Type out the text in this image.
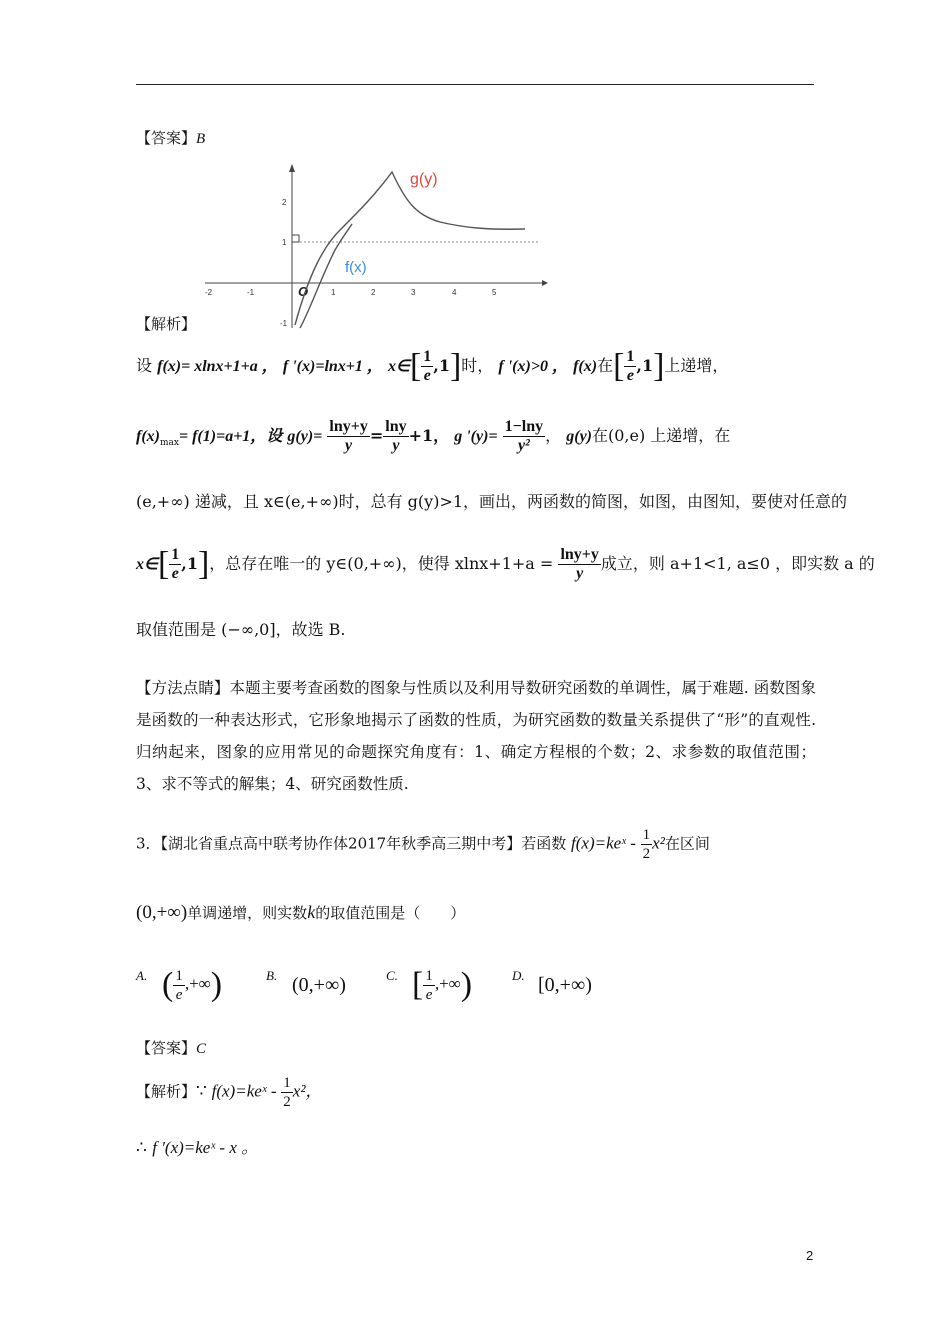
【答案】B
-2	-1	1	2	3	4	5
2
1
-1
O
g(y)
f(x)
【解析】
设 f(x)= xlnx+1+a ， f '(x)=lnx+1 ， x∈[ $\frac{1}{e} ,1$]时， f '(x)>0 ， f(x)在[ $\frac{1}{e} ,1$]上递增，
$f(x)_{max}= f(1)=a+1$，设 $g(y)= \frac{\ln y+y}{y} = \frac{\ln y}{y} +1$， g '$(y)= \frac{1-\ln y}{\text{y²}}$ ， g(y)在(0,e) 上递增，在
(e,+∞) 递减，且 x∈(e,+∞)时，总有 g(y)>1，画出，两函数的简图，如图，由图知，要使对任意的
x∈[ $\frac{1}{e} ,1$]，总存在唯一的 y∈(0,+∞)，使得 $xlnx+1+a = \frac{\ln y+y}{y}$ 成立，则 a+1<1, a≤0 ，即实数 a 的
取值范围是 (−∞,0]，故选 B.
【方法点睛】本题主要考查函数的图象与性质以及利用导数研究函数的单调性，属于难题. 函数图象是函数的一种表达形式，它形象地揭示了函数的性质，为研究函数的数量关系提供了“形”的直观性. 归纳起来，图象的应用常见的命题探究角度有：1、确定方程根的个数；2、求参数的取值范围；3、求不等式的解集；4、研究函数性质.
3．【湖北省重点高中联考协作体2017年秋季高三期中考】若函数 f(x)=keˣ - $\frac{1}{2} x^2$在区间
(0,+∞)单调递增，则实数k的取值范围是（　　）
A. ( $\frac{1}{e}$ ,+∞)	B. (0,+∞)	C. [ $\frac{1}{e}$ ,+∞)	D. [0,+∞)
【答案】C
【解析】∵ f(x)=keˣ - $\frac{1}{2} x^2$，
∴ f ′(x)=keˣ - x 。
2
